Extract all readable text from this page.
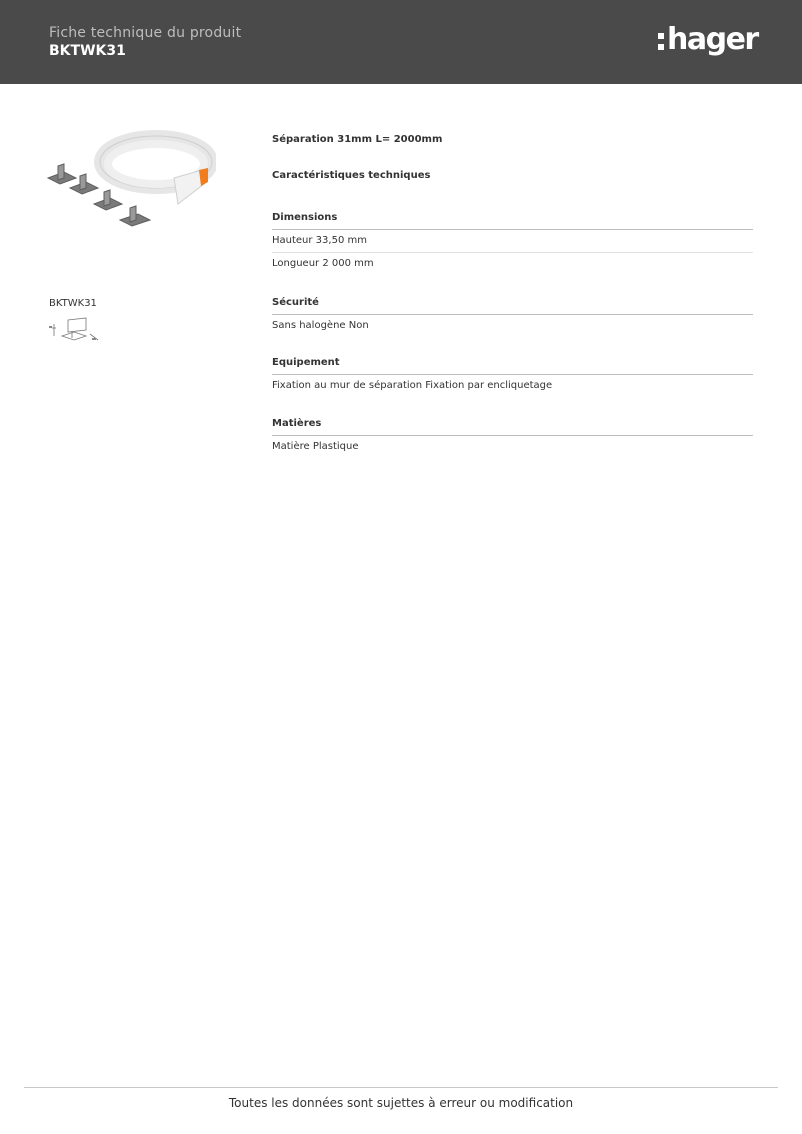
Fiche technique du produit
BKTWK31	hager
BKTWK31
Séparation 31mm L= 2000mm
Caractéristiques techniques
Dimensions
Hauteur 33,50 mm
Longueur 2 000 mm
Sécurité
Sans halogène Non
Equipement
Fixation au mur de séparation Fixation par encliquetage
Matières
Matière Plastique
Toutes les données sont sujettes à erreur ou modification
